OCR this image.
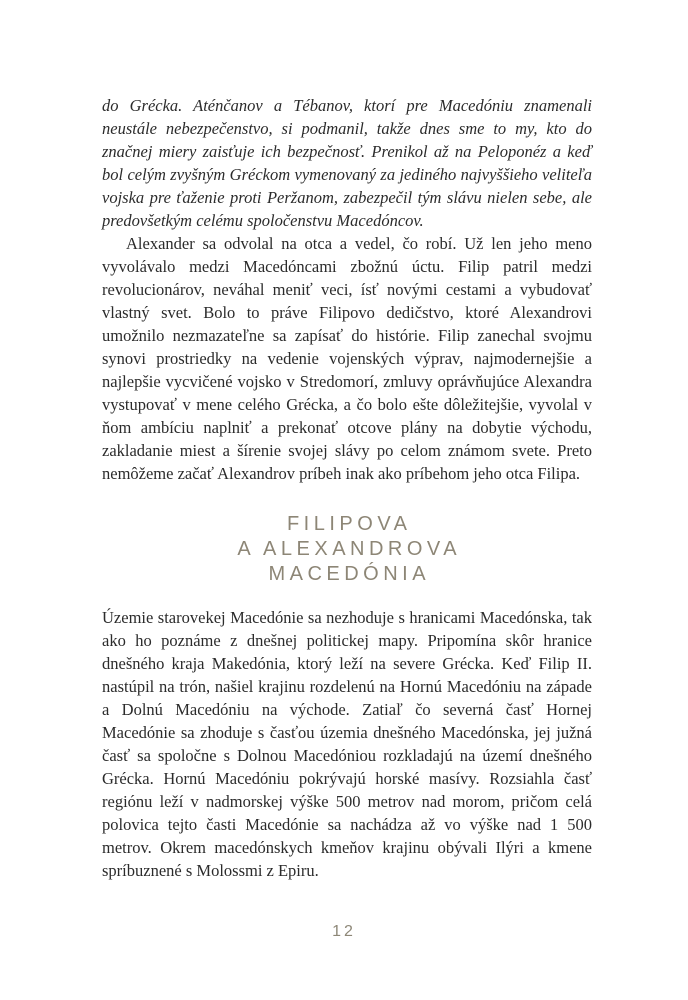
do Grécka. Aténčanov a Tébanov, ktorí pre Macedóniu znamenali neustále nebezpečenstvo, si podmanil, takže dnes sme to my, kto do značnej miery zaisťuje ich bezpečnosť. Prenikol až na Peloponéz a keď bol celým zvyšným Gréckom vymenovaný za jediného najvyššieho veliteľa vojska pre ťaženie proti Peržanom, zabezpečil tým slávu nielen sebe, ale predovšetkým celému spoločenstvu Macedóncov.

Alexander sa odvolal na otca a vedel, čo robí. Už len jeho meno vyvolávalo medzi Macedóncami zbožnú úctu. Filip patril medzi revolucionárov, neváhal meniť veci, ísť novými cestami a vybudovať vlastný svet. Bolo to práve Filipovo dedičstvo, ktoré Alexandrovi umožnilo nezmazateľne sa zapísať do histórie. Filip zanechal svojmu synovi prostriedky na vedenie vojenských výprav, najmodernejšie a najlepšie vycvičené vojsko v Stredomorí, zmluvy oprávňujúce Alexandra vystupovať v mene celého Grécka, a čo bolo ešte dôležitejšie, vyvolal v ňom ambíciu naplniť a prekonať otcove plány na dobytie východu, zakladanie miest a šírenie svojej slávy po celom známom svete. Preto nemôžeme začať Alexandrov príbeh inak ako príbehom jeho otca Filipa.

FILIPOVA
A ALEXANDROVA
MACEDÓNIA

Územie starovekej Macedónie sa nezhoduje s hranicami Macedónska, tak ako ho poznáme z dnešnej politickej mapy. Pripomína skôr hranice dnešného kraja Makedónia, ktorý leží na severe Grécka. Keď Filip II. nastúpil na trón, našiel krajinu rozdelenú na Hornú Macedóniu na západe a Dolnú Macedóniu na východe. Zatiaľ čo severná časť Hornej Macedónie sa zhoduje s časťou územia dnešného Macedónska, jej južná časť sa spoločne s Dolnou Macedóniou rozkladajú na území dnešného Grécka. Hornú Macedóniu pokrývajú horské masívy. Rozsiahla časť regiónu leží v nadmorskej výške 500 metrov nad morom, pričom celá polovica tejto časti Macedónie sa nachádza až vo výške nad 1 500 metrov. Okrem macedónskych kmeňov krajinu obývali Ilýri a kmene spríbuznené s Molossmi z Epiru.

12
